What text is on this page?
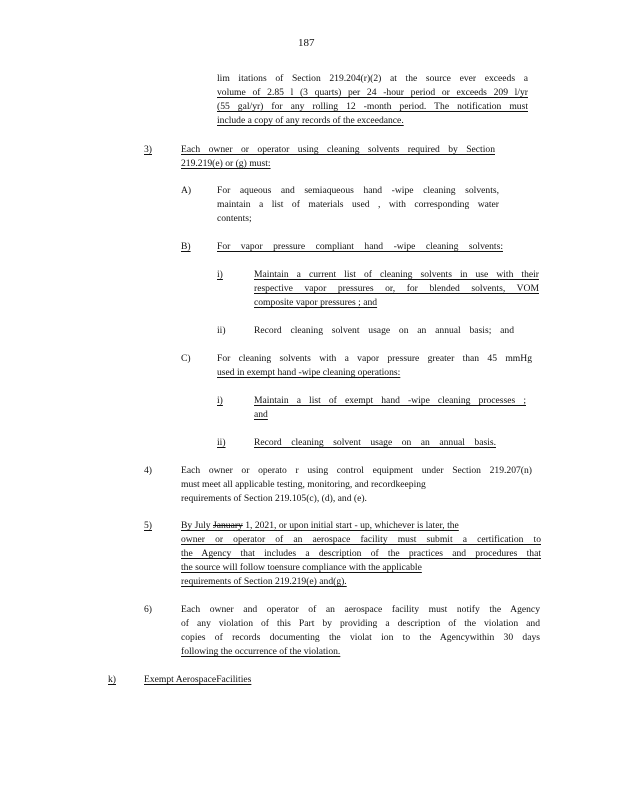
187
lim itations of Section 219.204(r)(2) at the source ever exceeds a
volume of 2.85 l (3 quarts) per 24 -hour period or exceeds 209 l/yr
(55 gal/yr) for any rolling 12 -month period. The notification must
include a copy of any records of the exceedance.
3)	Each owner or operator using cleaning solvents required by Section
219.219(e) or (g) must:
A)	For aqueous and semiaqueous hand -wipe cleaning solvents,
maintain a list of materials used , with corresponding water
contents;
B)	For vapor pressure compliant hand -wipe cleaning solvents:
i)	Maintain a current list of cleaning solvents in use with their
respective vapor pressures or, for blended solvents, VOM
composite vapor pressures ; and
ii)	Record cleaning solvent usage on an annual basis; and
C)	For cleaning solvents with a vapor pressure greater than 45 mmHg
used in exempt hand -wipe cleaning operations:
i)	Maintain a list of exempt hand -wipe cleaning processes ;
and
ii)	Record cleaning solvent usage on an annual basis.
4)	Each owner or operato r using control equipment under Section 219.207(n)
must meet all applicable testing, monitoring, and recordkeeping
requirements of Section 219.105(c), (d), and (e).
5)	By July January 1, 2021, or upon initial start - up, whichever is later, the
owner or operator of an aerospace facility must submit a certification to
the Agency that includes a description of the practices and procedures that
the source will follow toensure compliance with the applicable
requirements of Section 219.219(e) and(g).
6)	Each owner and operator of an aerospace facility must notify the Agency
of any violation of this Part by providing a description of the violation and
copies of records documenting the violat ion to the Agencywithin 30 days
following the occurrence of the violation.
k)	Exempt AerospaceFacilities
